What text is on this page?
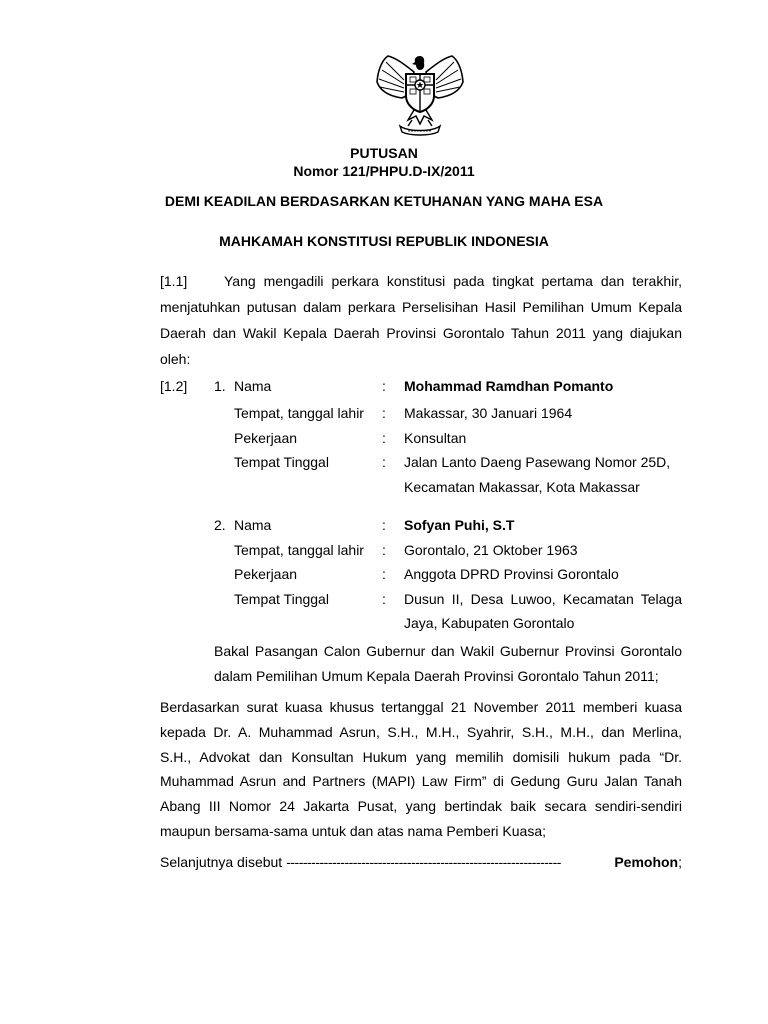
PUTUSAN
Nomor 121/PHPU.D-IX/2011
DEMI KEADILAN BERDASARKAN KETUHANAN YANG MAHA ESA
MAHKAMAH KONSTITUSI REPUBLIK INDONESIA
[1.1]	Yang mengadili perkara konstitusi pada tingkat pertama dan terakhir,
menjatuhkan putusan dalam perkara Perselisihan Hasil Pemilihan Umum Kepala
Daerah dan Wakil Kepala Daerah Provinsi Gorontalo Tahun 2011 yang diajukan
oleh:
[1.2] 1. Nama	: Mohammad Ramdhan Pomanto
Tempat, tanggal lahir : Makassar, 30 Januari 1964
Pekerjaan	: Konsultan
Tempat Tinggal	: Jalan Lanto Daeng Pasewang Nomor 25D,
Kecamatan Makassar, Kota Makassar
2. Nama	: Sofyan Puhi, S.T
Tempat, tanggal lahir : Gorontalo, 21 Oktober 1963
Pekerjaan	: Anggota DPRD Provinsi Gorontalo
Tempat Tinggal	: Dusun II, Desa Luwoo, Kecamatan Telaga
Jaya, Kabupaten Gorontalo
Bakal Pasangan Calon Gubernur dan Wakil Gubernur Provinsi Gorontalo
dalam Pemilihan Umum Kepala Daerah Provinsi Gorontalo Tahun 2011;
Berdasarkan surat kuasa khusus tertanggal 21 November 2011 memberi kuasa
kepada Dr. A. Muhammad Asrun, S.H., M.H., Syahrir, S.H., M.H., dan Merlina,
S.H., Advokat dan Konsultan Hukum yang memilih domisili hukum pada “Dr.
Muhammad Asrun and Partners (MAPI) Law Firm” di Gedung Guru Jalan Tanah
Abang III Nomor 24 Jakarta Pusat, yang bertindak baik secara sendiri-sendiri
maupun bersama-sama untuk dan atas nama Pemberi Kuasa;
Selanjutnya disebut ------------------------------------------------------------------	Pemohon ;
